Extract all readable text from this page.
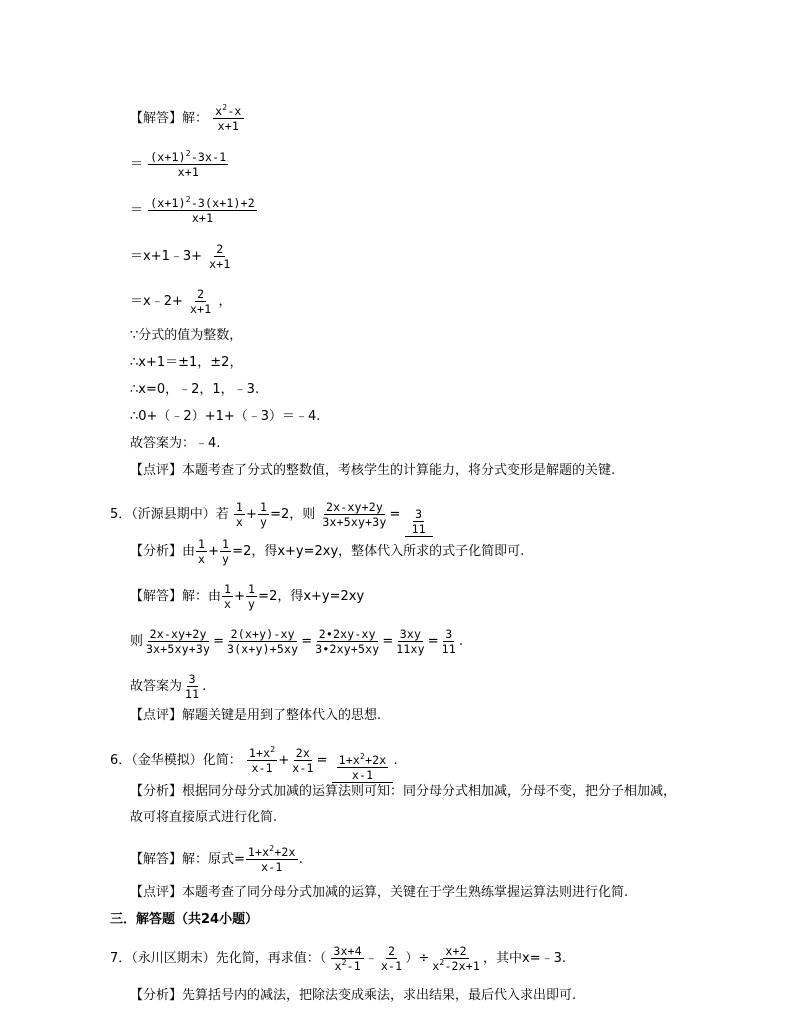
【解答】解： $\frac{x^2-x}{x+1}$
＝ $\frac{(x+1)^2-3x-1}{x+1}$
＝ $\frac{(x+1)^2-3(x+1)+2}{x+1}$
＝x+1﹣3+ $\frac{2}{x+1}$
＝x﹣2+ $\frac{2}{x+1}$ ，
∵分式的值为整数，
∴x+1＝±1，±2，
∴x=0，﹣2，1，﹣3.
∴0+（﹣2）+1+（﹣3）＝﹣4.
故答案为：﹣4.
【点评】本题考查了分式的整数值，考核学生的计算能力，将分式变形是解题的关键.
5．（沂源县期中）若 $\frac{1}{x} + \frac{1}{y} =2$，则 $\frac{2x-xy+2y}{3x+5xy+3y} = 3$
11
【分析】由 $\frac{1}{x} + \frac{1}{y} =2$，得x+y=2xy，整体代入所求的式子化简即可.
【解答】解：由 $\frac{1}{x} + \frac{1}{y} =2$，得x+y=2xy
则 $\frac{2x-xy+2y}{3x+5xy+3y} = \frac{2(x+y)-xy}{3(x+y)+5xy} = \frac{2•2xy-xy}{3•2xy+5xy} = \frac{3xy}{11xy} = \frac{3}{11}$ .
故答案为 $\frac{3}{11}$ .
【点评】解题关键是用到了整体代入的思想.
6．（金华模拟）化简： $\frac{1+x^2}{x-1} + \frac{2x}{x-1} = 1+x^2+2x$
x-1
.
【分析】根据同分母分式加减的运算法则可知：同分母分式相加减，分母不变，把分子相加减，
故可将直接原式进行化简.
【解答】解：原式= $\frac{1+x^2+2x}{x-1}$ .
【点评】本题考查了同分母分式加减的运算，关键在于学生熟练掌握运算法则进行化简.
三．解答题（共24小题）
7．（永川区期末）先化简，再求值：（ $\frac{3x+4}{x^2-1}$ ﹣ $\frac{2}{x-1}$ ）÷ $\frac{x+2}{x^2-2x+1}$ ，其中x=﹣3.
【分析】先算括号内的减法，把除法变成乘法，求出结果，最后代入求出即可.
